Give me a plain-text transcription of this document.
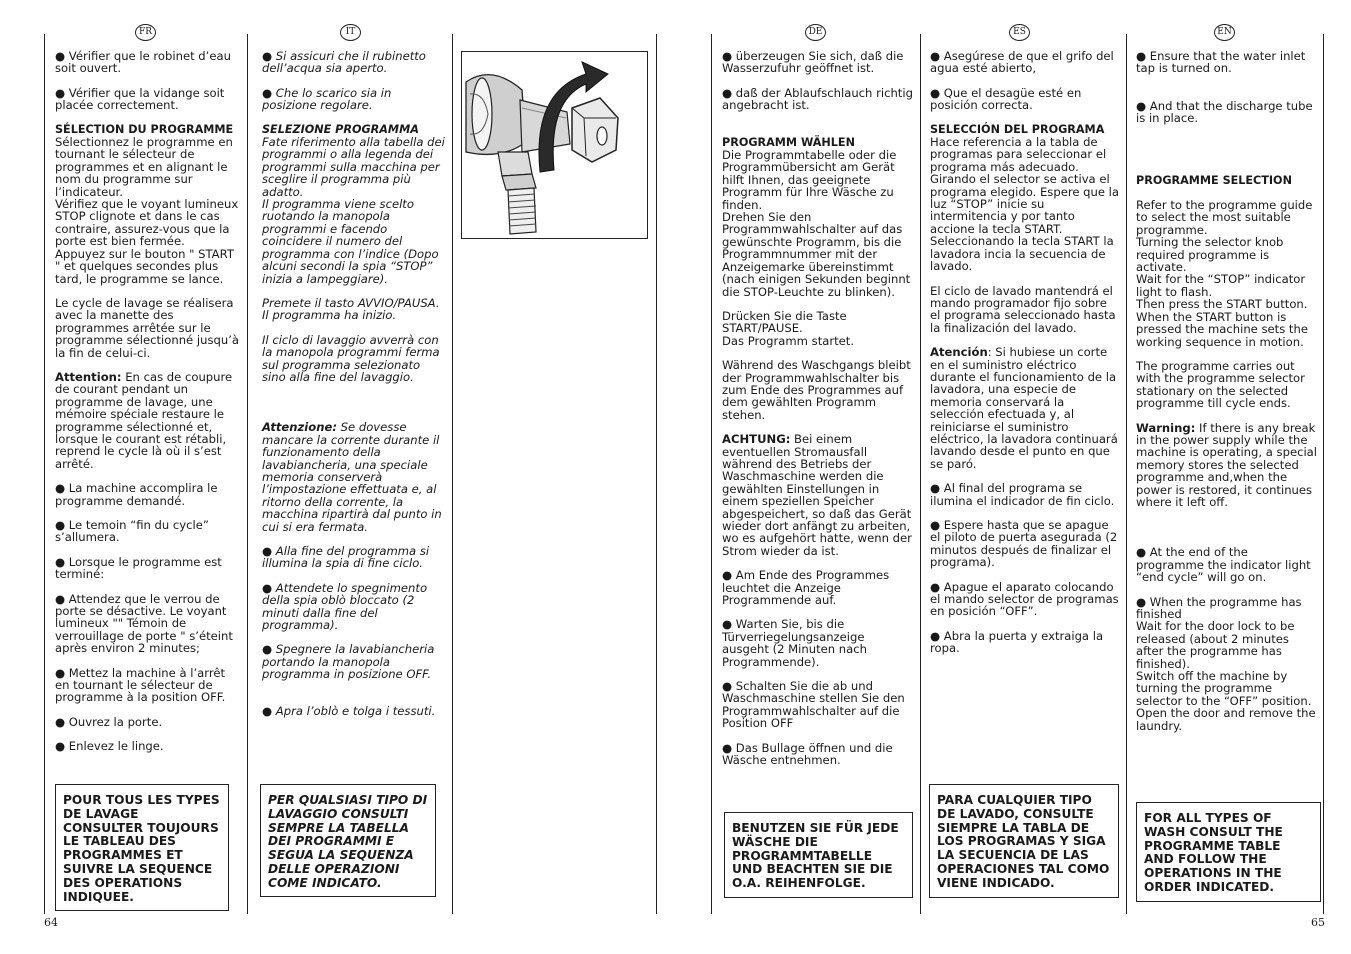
FR	IT	DE	ES	EN

● Vérifier que le robinet d’eau soit ouvert.

● Vérifier que la vidange soit placée correctement.

SÉLECTION DU PROGRAMME
Sélectionnez le programme en tournant le sélecteur de programmes et en alignant le nom du programme sur l’indicateur.
Vérifiez que le voyant lumineux STOP clignote et dans le cas contraire, assurez-vous que la porte est bien fermée.

Appuyez sur le bouton " START " et quelques secondes plus tard, le programme se lance.

Le cycle de lavage se réalisera avec la manette des programmes arrêtée sur le programme sélectionné jusqu’à la fin de celui-ci.

Attention: En cas de coupure de courant pendant un programme de lavage, une mémoire spéciale restaure le programme sélectionné et, lorsque le courant est rétabli, reprend le cycle là où il s’est arrêté.

● La machine accomplira le programme demandé.

● Le temoin “fin du cycle” s’allumera.

● Lorsque le programme est terminé:

● Attendez que le verrou de porte se désactive. Le voyant lumineux "" Témoin de verrouillage de porte " s’éteint après environ 2 minutes;

● Mettez la machine à l’arrêt en tournant le sélecteur de programme à la position OFF.

● Ouvrez la porte.

● Enlevez le linge.

POUR TOUS LES TYPES DE LAVAGE CONSULTER TOUJOURS LE TABLEAU DES PROGRAMMES ET SUIVRE LA SEQUENCE DES OPERATIONS INDIQUEE.

● Si assicuri che il rubinetto dell’acqua sia aperto.

● Che lo scarico sia in posizione regolare.

SELEZIONE PROGRAMMA
Fate riferimento alla tabella dei programmi o alla legenda dei programmi sulla macchina per sceglire il programma più adatto.

Il programma viene scelto ruotando la manopola programmi e facendo coincidere il numero del programma con l’indice (Dopo alcuni secondi la spia “STOP” inizia a lampeggiare).

Premete il tasto AVVIO/PAUSA.

Il programma ha inizio.

Il ciclo di lavaggio avverrà con la manopola programmi ferma sul programma selezionato sino alla fine del lavaggio.

Attenzione: Se dovesse mancare la corrente durante il funzionamento della lavabiancheria, una speciale memoria conserverà l’impostazione effettuata e, al ritorno della corrente, la macchina ripartirà dal punto in cui si era fermata.

● Alla fine del programma si illumina la spia di fine ciclo.

● Attendete lo spegnimento della spia oblò bloccato (2 minuti dalla fine del programma).

● Spegnere la lavabiancheria portando la manopola programma in posizione OFF.

● Apra l’oblò e tolga i tessuti.

PER QUALSIASI TIPO DI LAVAGGIO CONSULTI SEMPRE LA TABELLA DEI PROGRAMMI E SEGUA LA SEQUENZA DELLE OPERAZIONI COME INDICATO.

● überzeugen Sie sich, daß die Wasserzufuhr geöffnet ist.

● daß der Ablaufschlauch richtig angebracht ist.

PROGRAMM WÄHLEN
Die Programmtabelle oder die Programmübersicht am Gerät hilft Ihnen, das geeignete Programm für Ihre Wäsche zu finden.

Drehen Sie den Programmwahlschalter auf das gewünschte Programm, bis die Programmnummer mit der Anzeigemarke übereinstimmt (nach einigen Sekunden beginnt die STOP-Leuchte zu blinken).

Drücken Sie die Taste START/PAUSE.

Das Programm startet.

Während des Waschgangs bleibt der Programmwahlschalter bis zum Ende des Programmes auf dem gewählten Programm stehen.

ACHTUNG: Bei einem eventuellen Stromausfall während des Betriebs der Waschmaschine werden die gewählten Einstellungen in einem speziellen Speicher abgespeichert, so daß das Gerät wieder dort anfängt zu arbeiten, wo es aufgehört hatte, wenn der Strom wieder da ist.

● Am Ende des Programmes leuchtet die Anzeige Programmende auf.

● Warten Sie, bis die Türverriegelungsanzeige ausgeht (2 Minuten nach Programmende).

● Schalten Sie die ab und Waschmaschine stellen Sie den Programmwahlschalter auf die Position OFF

● Das Bullage öffnen und die Wäsche entnehmen.

BENUTZEN SIE FÜR JEDE WÄSCHE DIE PROGRAMMTABELLE UND BEACHTEN SIE DIE O.A. REIHENFOLGE.

● Asegúrese de que el grifo del agua esté abierto,

● Que el desagüe esté en posición correcta.

SELECCIÓN DEL PROGRAMA

Hace referencia a la tabla de programas para seleccionar el programa más adecuado. Girando el selector se activa el programa elegido. Espere que la luz “STOP” inicie su intermitencia y por tanto accione la tecla START. Seleccionando la tecla START la lavadora incia la secuencia de lavado.

El ciclo de lavado mantendrá el mando programador fijo sobre el programa seleccionado hasta la finalización del lavado.

Atención: Si hubiese un corte en el suministro eléctrico durante el funcionamiento de la lavadora, una especie de memoria conservará la selección efectuada y, al reiniciarse el suministro eléctrico, la lavadora continuará lavando desde el punto en que se paró.

● Al final del programa se ilumina el indicador de fin ciclo.

● Espere hasta que se apague el piloto de puerta asegurada (2 minutos después de finalizar el programa).

● Apague el aparato colocando el mando selector de programas en posición “OFF”.

● Abra la puerta y extraiga la ropa.

PARA CUALQUIER TIPO DE LAVADO, CONSULTE SIEMPRE LA TABLA DE LOS PROGRAMAS Y SIGA LA SECUENCIA DE LAS OPERACIONES TAL COMO VIENE INDICADO.

● Ensure that the water inlet tap is turned on.

● And that the discharge tube is in place.

PROGRAMME SELECTION

Refer to the programme guide to select the most suitable programme.
Turning the selector knob required programme is activate.
Wait for the “STOP” indicator light to flash.

Then press the START button. When the START button is pressed the machine sets the working sequence in motion.

The programme carries out with the programme selector stationary on the selected programme till cycle ends.

Warning: If there is any break in the power supply while the machine is operating, a special memory stores the selected programme and,when the power is restored, it continues where it left off.

● At the end of the programme the indicator light “end cycle” will go on.

● When the programme has finished
Wait for the door lock to be released (about 2 minutes after the programme has finished).
Switch off the machine by turning the programme selector to the “OFF” position.
Open the door and remove the laundry.
FOR ALL TYPES OF WASH CONSULT THE PROGRAMME TABLE AND FOLLOW THE OPERATIONS IN THE ORDER INDICATED.
64	65
